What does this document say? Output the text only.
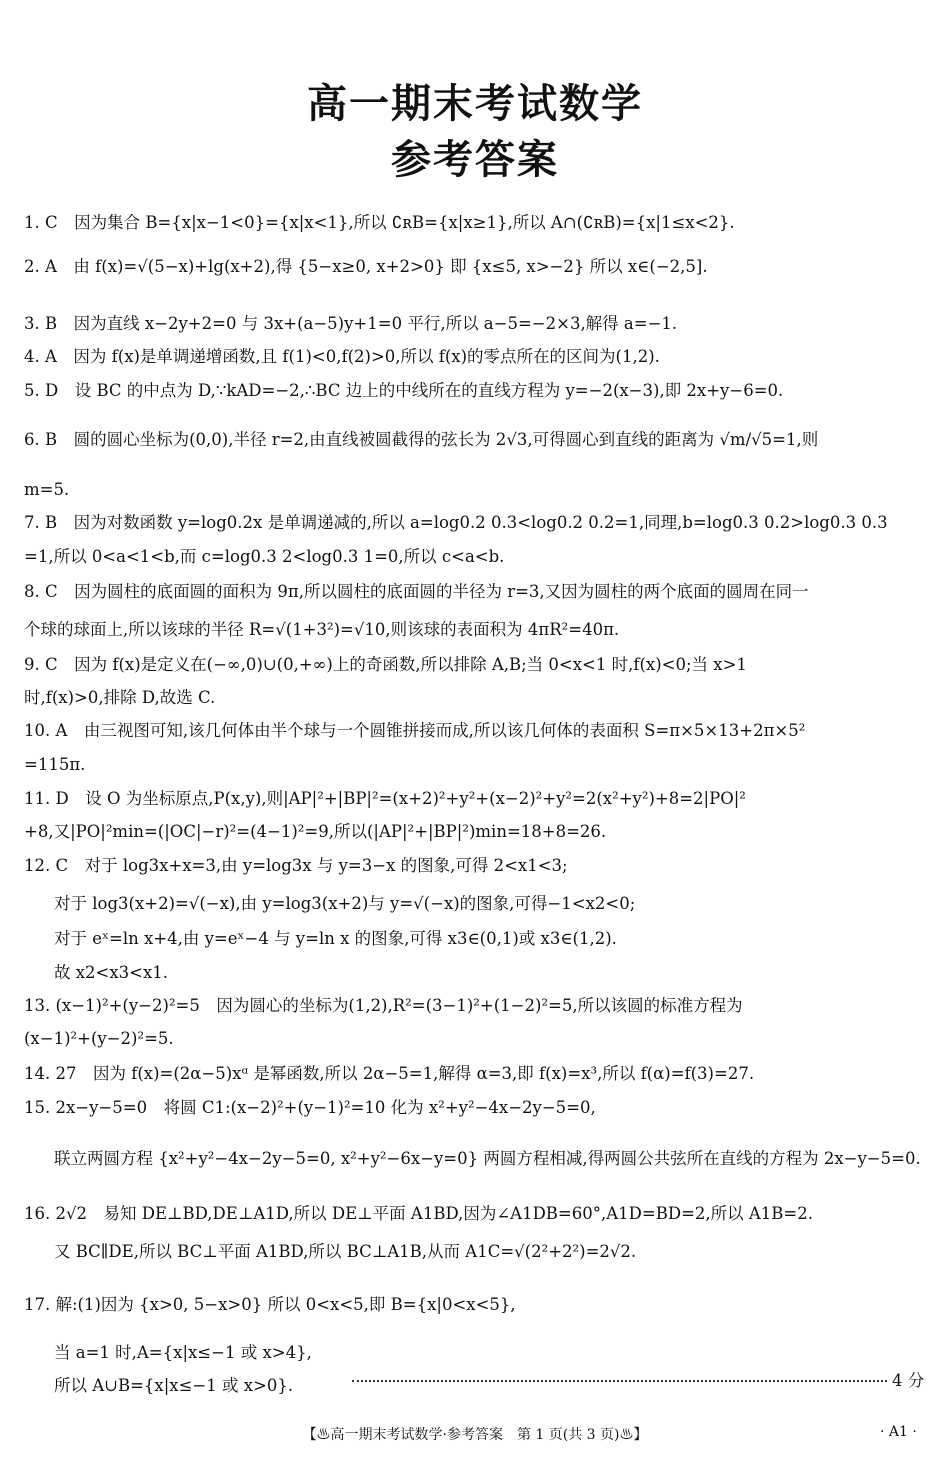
高一期末考试数学
参考答案
1. C　因为集合 B={x|x−1<0}={x|x<1},所以 ∁ʀB={x|x≥1},所以 A∩(∁ʀB)={x|1≤x<2}.
2. A　由 f(x)=√(5−x)+lg(x+2),得 {5−x≥0, x+2>0} 即 {x≤5, x>−2} 所以 x∈(−2,5].
3. B　因为直线 x−2y+2=0 与 3x+(a−5)y+1=0 平行,所以 a−5=−2×3,解得 a=−1.
4. A　因为 f(x)是单调递增函数,且 f(1)<0,f(2)>0,所以 f(x)的零点所在的区间为(1,2).
5. D　设 BC 的中点为 D,∵kAD=−2,∴BC 边上的中线所在的直线方程为 y=−2(x−3),即 2x+y−6=0.
6. B　圆的圆心坐标为(0,0),半径 r=2,由直线被圆截得的弦长为 2√3,可得圆心到直线的距离为 √m/√5=1,则
m=5.
7. B　因为对数函数 y=log0.2x 是单调递减的,所以 a=log0.2 0.3<log0.2 0.2=1,同理,b=log0.3 0.2>log0.3 0.3
=1,所以 0<a<1<b,而 c=log0.3 2<log0.3 1=0,所以 c<a<b.
8. C　因为圆柱的底面圆的面积为 9π,所以圆柱的底面圆的半径为 r=3,又因为圆柱的两个底面的圆周在同一
个球的球面上,所以该球的半径 R=√(1+3²)=√10,则该球的表面积为 4πR²=40π.
9. C　因为 f(x)是定义在(−∞,0)∪(0,+∞)上的奇函数,所以排除 A,B;当 0<x<1 时,f(x)<0;当 x>1
时,f(x)>0,排除 D,故选 C.
10. A　由三视图可知,该几何体由半个球与一个圆锥拼接而成,所以该几何体的表面积 S=π×5×13+2π×5²
=115π.
11. D　设 O 为坐标原点,P(x,y),则|AP|²+|BP|²=(x+2)²+y²+(x−2)²+y²=2(x²+y²)+8=2|PO|²
+8,又|PO|²min=(|OC|−r)²=(4−1)²=9,所以(|AP|²+|BP|²)min=18+8=26.
12. C　对于 log3x+x=3,由 y=log3x 与 y=3−x 的图象,可得 2<x1<3;
对于 log3(x+2)=√(−x),由 y=log3(x+2)与 y=√(−x)的图象,可得−1<x2<0;
对于 eˣ=ln x+4,由 y=eˣ−4 与 y=ln x 的图象,可得 x3∈(0,1)或 x3∈(1,2).
故 x2<x3<x1.
13. (x−1)²+(y−2)²=5　因为圆心的坐标为(1,2),R²=(3−1)²+(1−2)²=5,所以该圆的标准方程为
(x−1)²+(y−2)²=5.
14. 27　因为 f(x)=(2α−5)xᵅ 是幂函数,所以 2α−5=1,解得 α=3,即 f(x)=x³,所以 f(α)=f(3)=27.
15. 2x−y−5=0　将圆 C1:(x−2)²+(y−1)²=10 化为 x²+y²−4x−2y−5=0,
联立两圆方程 {x²+y²−4x−2y−5=0, x²+y²−6x−y=0} 两圆方程相减,得两圆公共弦所在直线的方程为 2x−y−5=0.
16. 2√2　易知 DE⊥BD,DE⊥A1D,所以 DE⊥平面 A1BD,因为∠A1DB=60°,A1D=BD=2,所以 A1B=2.
又 BC∥DE,所以 BC⊥平面 A1BD,所以 BC⊥A1B,从而 A1C=√(2²+2²)=2√2.
17. 解:(1)因为 {x>0, 5−x>0} 所以 0<x<5,即 B={x|0<x<5},
当 a=1 时,A={x|x≤−1 或 x>4},
所以 A∪B={x|x≤−1 或 x>0}.	4 分
【♨高一期末考试数学·参考答案　第 1 页(共 3 页)♨】	· A1 ·
